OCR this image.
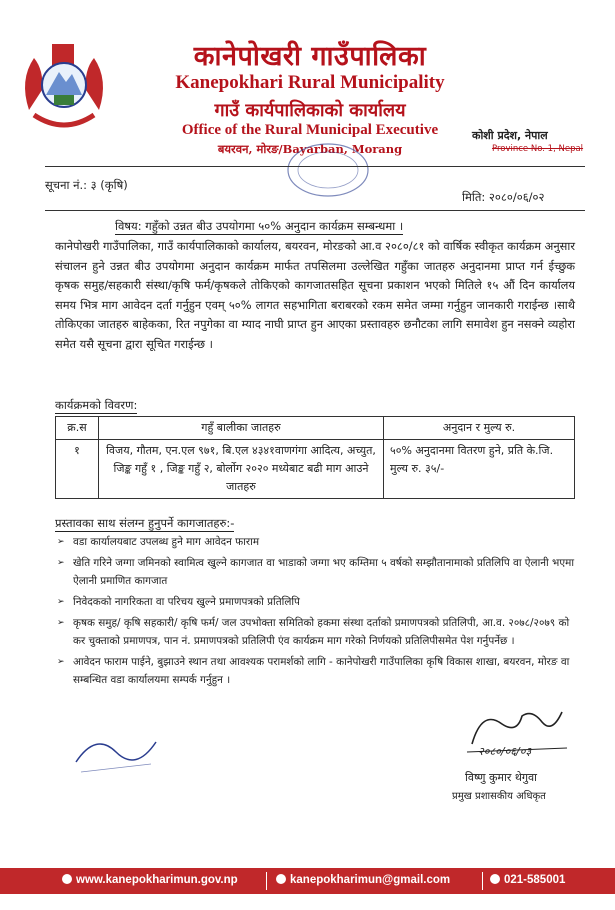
कानेपोखरी गाउँपालिका
Kanepokhari Rural Municipality
गाउँ कार्यपालिकाको कार्यालय
Office of the Rural Municipal Executive
बयरवन, मोरङ/Bayarban, Morang
कोशी प्रदेश, नेपाल
Province No. 1, Nepal
सूचना नं.: ३ (कृषि)
मिति: २०८०/०६/०२
विषय: गहुँको उन्नत बीउ उपयोगमा ५०% अनुदान कार्यक्रम सम्बन्धमा ।
कानेपोखरी गाउँपालिका, गाउँ कार्यपालिकाको कार्यालय, बयरवन, मोरङको आ.व २०८०/८१ को वार्षिक स्वीकृत कार्यक्रम अनुसार संचालन हुने उन्नत बीउ उपयोगमा अनुदान कार्यक्रम मार्फत तपसिलमा उल्लेखित गहुँका जातहरु अनुदानमा प्राप्त गर्न ईच्छुक कृषक समुह/सहकारी संस्था/कृषि फर्म/कृषकले तोकिएको कागजातसहित सूचना प्रकाशन भएको मितिले १५ औं दिन कार्यालय समय भित्र माग आवेदन दर्ता गर्नुहुन एवम् ५०% लागत सहभागिता बराबरको रकम समेत जम्मा गर्नुहुन जानकारी गराईन्छ ।साथै तोकिएका जातहरु बाहेकका, रित नपुगेका वा म्याद नाघी प्राप्त हुन आएका प्रस्तावहरु छनौटका लागि समावेश हुन नसक्ने व्यहोरा समेत यसै सूचना द्वारा सूचित गराईन्छ ।
कार्यक्रमको विवरण:
क्र.स	गहुँ बालीका जातहरु	अनुदान र मुल्य रु.
१	विजय, गौतम, एन.एल ९७१, बि.एल ४३४१वाणगंगा आदित्य, अच्युत, जिङ्क गहुँ १ , जिङ्क गहुँ २, बोर्लोग २०२० मध्येबाट बढी माग आउने जातहरु	५०% अनुदानमा वितरण हुने, प्रति के.जि. मुल्य रु. ३५/-
प्रस्तावका साथ संलग्न हुनुपर्ने कागजातहरु:-
➢ वडा कार्यालयबाट उपलब्ध हुने माग आवेदन फाराम
➢ खेति गरिने जग्गा जमिनको स्वामित्व खुल्ने कागजात वा भाडाको जग्गा भए कम्तिमा ५ वर्षको सम्झौतानामाको प्रतिलिपि वा ऐलानी भएमा ऐलानी प्रमाणित कागजात
➢ निवेदकको नागरिकता वा परिचय खुल्ने प्रमाणपत्रको प्रतिलिपि
➢ कृषक समुह/ कृषि सहकारी/ कृषि फर्म/ जल उपभोक्ता समितिको हकमा संस्था दर्ताको प्रमाणपत्रको प्रतिलिपी, आ.व. २०७८/२०७९ को कर चुक्ताको प्रमाणपत्र, पान नं. प्रमाणपत्रको प्रतिलिपी एंव कार्यक्रम माग गरेको निर्णयको प्रतिलिपीसमेत पेश गर्नुपर्नेछ ।
➢ आवेदन फाराम पाईने, बुझाउने स्थान तथा आवश्यक परामर्शको लागि - कानेपोखरी गाउँपालिका कृषि विकास शाखा, बयरवन, मोरङ वा सम्बन्धित वडा कार्यालयमा सम्पर्क गर्नुहुन ।
२०८०/०६/०३
विष्णु कुमार थेगुवा
प्रमुख प्रशासकीय अधिकृत
www.kanepokharimun.gov.np	kanepokharimun@gmail.com	021-585001
